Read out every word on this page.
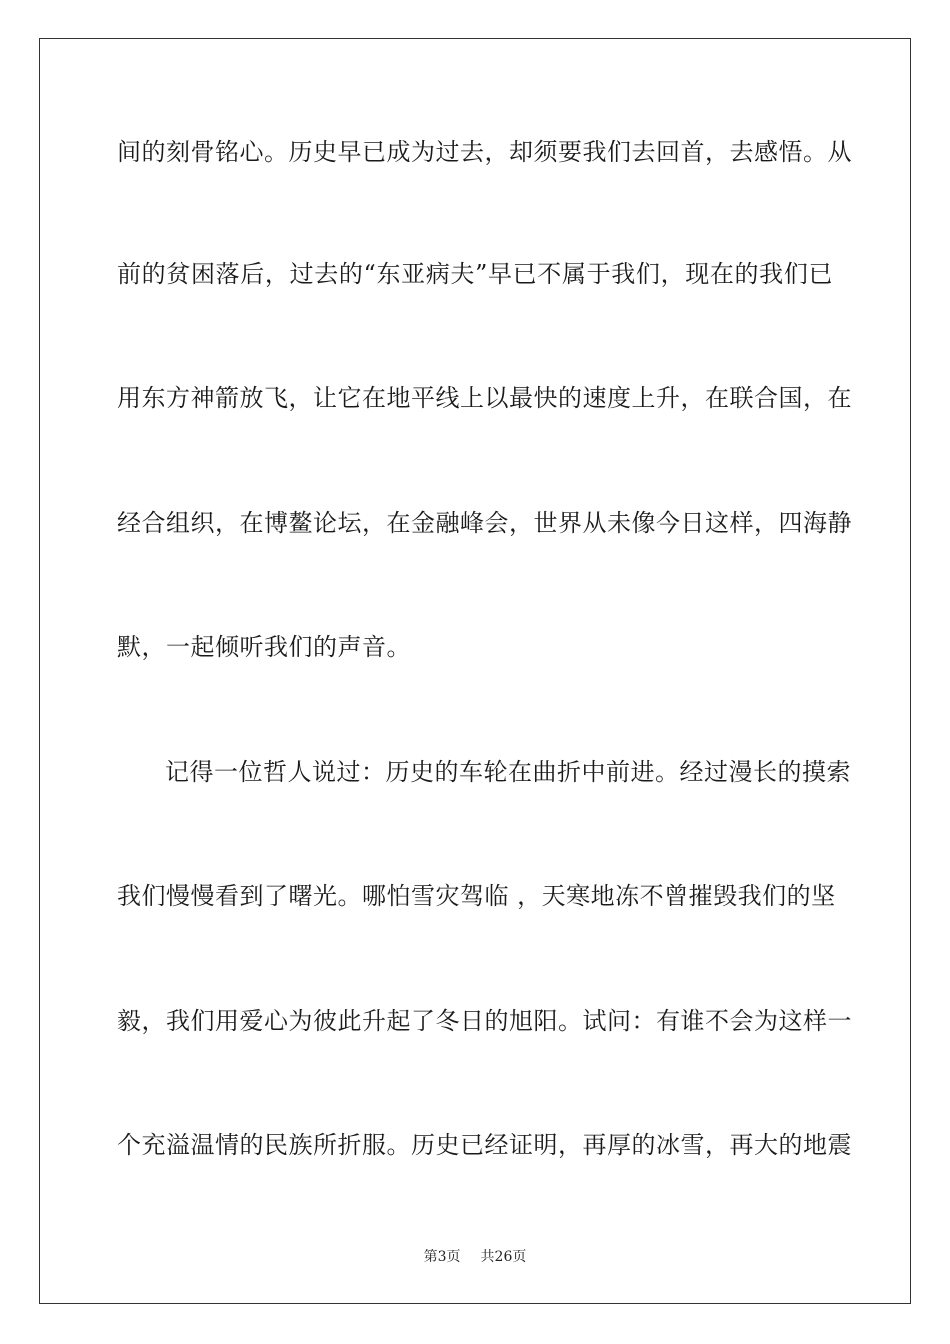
间的刻骨铭心。历史早已成为过去，却须要我们去回首，去感悟。从
前的贫困落后，过去的“东亚病夫”早已不属于我们，现在的我们已
用东方神箭放飞，让它在地平线上以最快的速度上升，在联合国，在
经合组织，在博鳌论坛，在金融峰会，世界从未像今日这样，四海静
默，一起倾听我们的声音。
记得一位哲人说过：历史的车轮在曲折中前进。经过漫长的摸索
我们慢慢看到了曙光。哪怕雪灾驾临 ，天寒地冻不曾摧毁我们的坚
毅，我们用爱心为彼此升起了冬日的旭阳。试问：有谁不会为这样一
个充溢温情的民族所折服。历史已经证明，再厚的冰雪，再大的地震
第3页 共26页
